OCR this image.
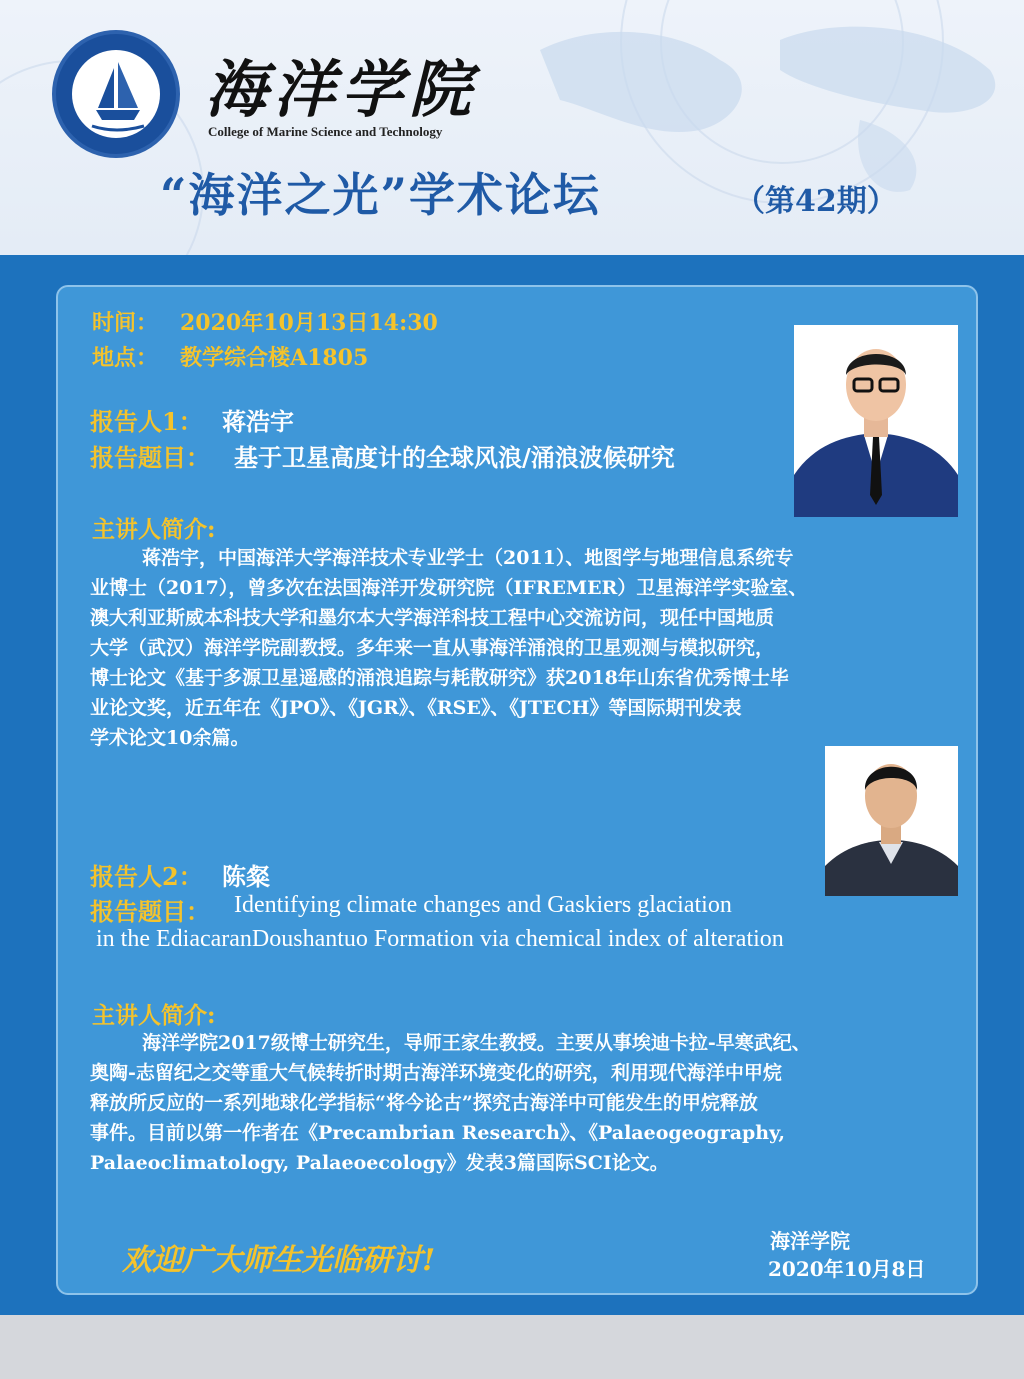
海洋学院
College of Marine Science and Technology
“海洋之光”学术论坛	（第42期）
时间： 2020年10月13日14:30
地点： 教学综合楼A1805
报告人1： 蒋浩宇
报告题目： 基于卫星高度计的全球风浪/涌浪波候研究
主讲人简介:
蒋浩宇，中国海洋大学海洋技术专业学士（2011）、地图学与地理信息系统专
业博士（2017），曾多次在法国海洋开发研究院（IFREMER）卫星海洋学实验室、
澳大利亚斯威本科技大学和墨尔本大学海洋科技工程中心交流访问，现任中国地质
大学（武汉）海洋学院副教授。多年来一直从事海洋涌浪的卫星观测与模拟研究，
博士论文《基于多源卫星遥感的涌浪追踪与耗散研究》获2018年山东省优秀博士毕
业论文奖，近五年在《JPO》、《JGR》、《RSE》、《JTECH》等国际期刊发表
学术论文10余篇。
报告人2： 陈粲
报告题目： Identifying climate changes and Gaskiers glaciation
in the EdiacaranDoushantuo Formation via chemical index of alteration
主讲人简介:
海洋学院2017级博士研究生，导师王家生教授。主要从事埃迪卡拉-早寒武纪、
奥陶-志留纪之交等重大气候转折时期古海洋环境变化的研究，利用现代海洋中甲烷
释放所反应的一系列地球化学指标“将今论古”探究古海洋中可能发生的甲烷释放
事件。目前以第一作者在《Precambrian Research》、《Palaeogeography,
Palaeoclimatology, Palaeoecology》发表3篇国际SCI论文。
欢迎广大师生光临研讨!
海洋学院
2020年10月8日
